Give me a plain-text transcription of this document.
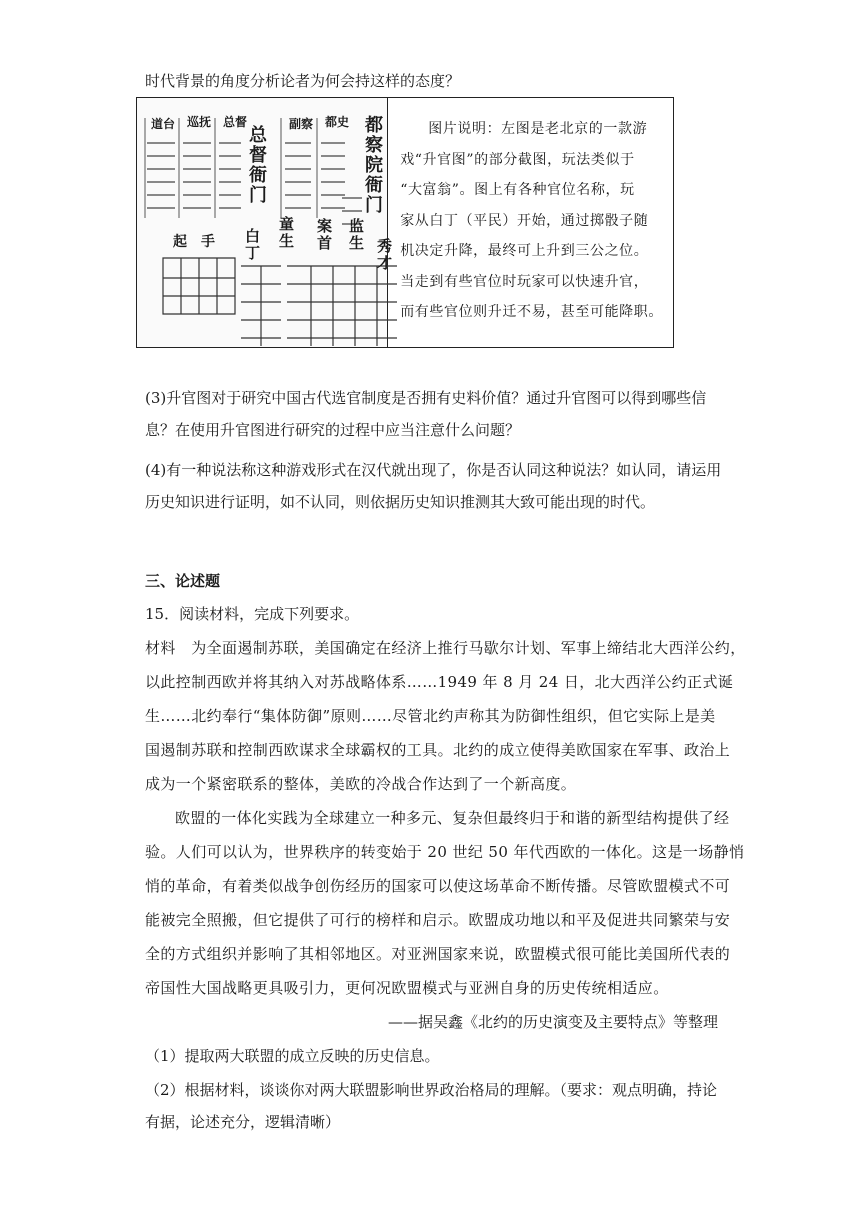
时代背景的角度分析论者为何会持这样的态度？
道台 巡抚 总督	副察 都史
总督衙门
都察院衙门
起　手 白丁
童生
案首
监生 秀才
图片说明：左图是老北京的一款游
戏“升官图”的部分截图，玩法类似于
“大富翁”。图上有各种官位名称，玩
家从白丁（平民）开始，通过掷骰子随
机决定升降，最终可上升到三公之位。
当走到有些官位时玩家可以快速升官，
而有些官位则升迁不易，甚至可能降职。
(3)升官图对于研究中国古代选官制度是否拥有史料价值？通过升官图可以得到哪些信
息？在使用升官图进行研究的过程中应当注意什么问题？
(4)有一种说法称这种游戏形式在汉代就出现了，你是否认同这种说法？如认同，请运用
历史知识进行证明，如不认同，则依据历史知识推测其大致可能出现的时代。
三、论述题
15．阅读材料，完成下列要求。
材料　为全面遏制苏联，美国确定在经济上推行马歇尔计划、军事上缔结北大西洋公约，
以此控制西欧并将其纳入对苏战略体系……1949 年 8 月 24 日，北大西洋公约正式诞
生……北约奉行“集体防御”原则……尽管北约声称其为防御性组织，但它实际上是美
国遏制苏联和控制西欧谋求全球霸权的工具。北约的成立使得美欧国家在军事、政治上
成为一个紧密联系的整体，美欧的冷战合作达到了一个新高度。
欧盟的一体化实践为全球建立一种多元、复杂但最终归于和谐的新型结构提供了经
验。人们可以认为，世界秩序的转变始于 20 世纪 50 年代西欧的一体化。这是一场静悄
悄的革命，有着类似战争创伤经历的国家可以使这场革命不断传播。尽管欧盟模式不可
能被完全照搬，但它提供了可行的榜样和启示。欧盟成功地以和平及促进共同繁荣与安
全的方式组织并影响了其相邻地区。对亚洲国家来说，欧盟模式很可能比美国所代表的
帝国性大国战略更具吸引力，更何况欧盟模式与亚洲自身的历史传统相适应。
——据吴鑫《北约的历史演变及主要特点》等整理
（1）提取两大联盟的成立反映的历史信息。
（2）根据材料，谈谈你对两大联盟影响世界政治格局的理解。（要求：观点明确，持论
有据，论述充分，逻辑清晰）
